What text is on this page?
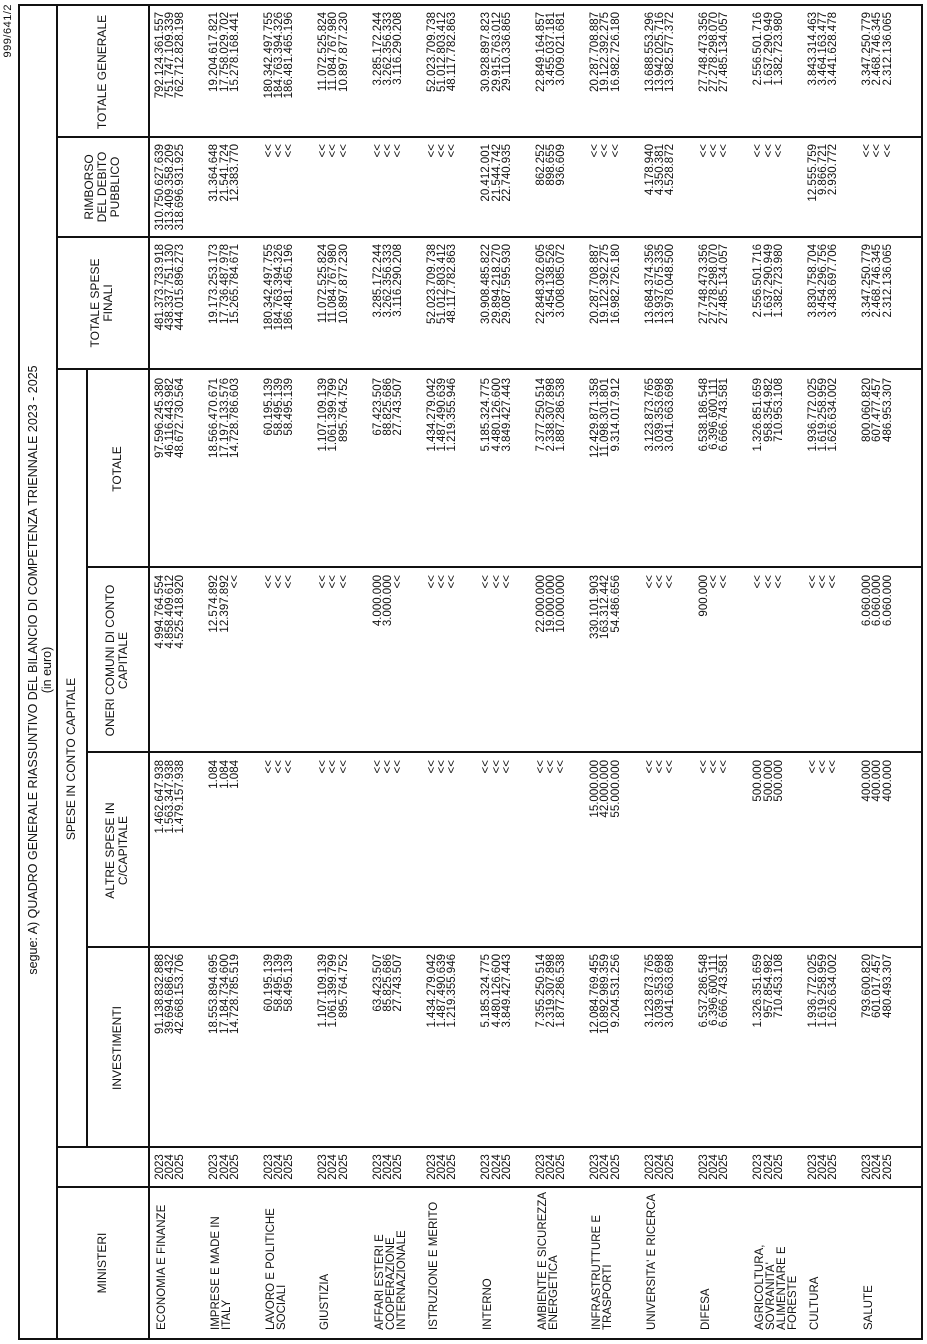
999/641/2
segue: A) QUADRO GENERALE RIASSUNTIVO DEL BILANCIO DI COMPETENZA TRIENNALE 2023 - 2025 (in euro)
MINISTERI
SPESE IN CONTO CAPITALE
INVESTIMENTI
ALTRE SPESE IN C/CAPITALE
ONERI COMUNI DI CONTO CAPITALE
TOTALE
TOTALE SPESE FINALI
RIMBORSO DEL DEBITO PUBBLICO
TOTALE GENERALE
ECONOMIA E FINANZE
2023
2024
2025
91.138.832.888
39.694.686.432
42.668.153.706
1.462.647.938
1.563.347.938
1.479.157.938
4.994.764.554
4.858.409.612
4.525.418.920
97.596.245.380
46.116.443.982
48.672.730.564
481.373.733.918
438.337.751.130
444.015.896.273
310.750.627.639
313.409.358.209
318.696.931.925
792.124.361.557
751.747.109.339
762.712.828.198
IMPRESE E MADE IN ITALY
2023
2024
2025
18.553.894.695
17.184.734.600
14.728.785.519
1.084
1.084
1.084
12.574.892
12.397.892
<<
18.566.470.671
17.197.133.576
14.728.786.603
19.173.253.173
17.736.487.978
15.265.784.671
31.364.648
21.541.724
12.383.770
19.204.617.821
17.758.029.702
15.278.168.441
LAVORO E POLITICHE SOCIALI
2023
2024
2025
60.195.139
58.495.139
58.495.139
<<
<<
<<
<<
<<
<<
60.195.139
58.495.139
58.495.139
180.342.497.755
184.763.394.326
186.481.465.196
<<
<<
<<
180.342.497.755
184.763.394.326
186.481.465.196
GIUSTIZIA
2023
2024
2025
1.107.109.139
1.061.399.799
895.764.752
<<
<<
<<
<<
<<
<<
1.107.109.139
1.061.399.799
895.764.752
11.072.525.824
11.084.767.980
10.897.877.230
<<
<<
<<
11.072.525.824
11.084.767.980
10.897.877.230
AFFARI ESTERI E COOPERAZIONE INTERNAZIONALE
2023
2024
2025
63.423.507
85.825.686
27.743.507
<<
<<
<<
4.000.000
3.000.000
<<
67.423.507
88.825.686
27.743.507
3.285.172.244
3.262.356.333
3.116.290.208
<<
<<
<<
3.285.172.244
3.262.356.333
3.116.290.208
ISTRUZIONE E MERITO
2023
2024
2025
1.434.279.042
1.487.490.639
1.219.355.946
<<
<<
<<
<<
<<
<<
1.434.279.042
1.487.490.639
1.219.355.946
52.023.709.738
51.012.803.412
48.117.782.863
<<
<<
<<
52.023.709.738
51.012.803.412
48.117.782.863
INTERNO
2023
2024
2025
5.185.324.775
4.480.126.600
3.849.427.443
<<
<<
<<
<<
<<
<<
5.185.324.775
4.480.126.600
3.849.427.443
30.908.485.822
29.894.218.270
29.087.595.930
20.412.001
21.544.742
22.740.935
30.928.897.823
29.915.763.012
29.110.336.865
AMBIENTE E SICUREZZA ENERGETICA
2023
2024
2025
7.355.250.514
2.319.307.898
1.877.286.538
<<
<<
<<
22.000.000
19.000.000
10.000.000
7.377.250.514
2.338.307.898
1.887.286.538
22.848.302.605
3.454.138.526
3.008.085.072
862.252
898.655
936.609
22.849.164.857
3.455.037.181
3.009.021.681
INFRASTRUTTURE E TRASPORTI
2023
2024
2025
12.084.769.455
10.892.989.359
9.204.531.256
15.000.000
42.000.000
55.000.000
330.101.903
163.312.442
54.486.656
12.429.871.358
11.098.301.801
9.314.017.912
20.287.708.887
19.122.392.275
16.982.726.180
<<
<<
<<
20.287.708.887
19.122.392.275
16.982.726.180
UNIVERSITA' E RICERCA
2023
2024
2025
3.123.873.765
3.039.353.698
3.041.663.698
<<
<<
<<
<<
<<
<<
3.123.873.765
3.039.353.698
3.041.663.698
13.684.374.356
13.937.675.335
13.978.048.500
4.178.940
4.350.381
4.528.872
13.688.553.296
13.942.025.716
13.982.577.372
DIFESA
2023
2024
2025
6.537.286.548
6.396.600.111
6.666.743.581
<<
<<
<<
900.000
<<
<<
6.538.186.548
6.396.600.111
6.666.743.581
27.748.473.356
27.278.298.070
27.485.134.057
<<
<<
<<
27.748.473.356
27.278.298.070
27.485.134.057
AGRICOLTURA, SOVRANITA' ALIMENTARE E FORESTE
2023
2024
2025
1.326.351.659
957.854.982
710.453.108
500.000
500.000
500.000
<<
<<
<<
1.326.851.659
958.354.982
710.953.108
2.556.501.716
1.637.290.949
1.382.723.980
<<
<<
<<
2.556.501.716
1.637.290.949
1.382.723.980
CULTURA
2023
2024
2025
1.936.772.025
1.619.258.959
1.626.634.002
<<
<<
<<
<<
<<
<<
1.936.772.025
1.619.258.959
1.626.634.002
3.830.758.704
3.454.296.756
3.438.697.706
12.555.759
9.866.721
2.930.772
3.843.314.463
3.464.163.477
3.441.628.478
SALUTE
2023
2024
2025
793.600.820
601.017.457
480.493.307
400.000
400.000
400.000
6.060.000
6.060.000
6.060.000
800.060.820
607.477.457
486.953.307
3.347.250.779
2.468.746.345
2.312.136.065
<<
<<
<<
3.347.250.779
2.468.746.345
2.312.136.065
